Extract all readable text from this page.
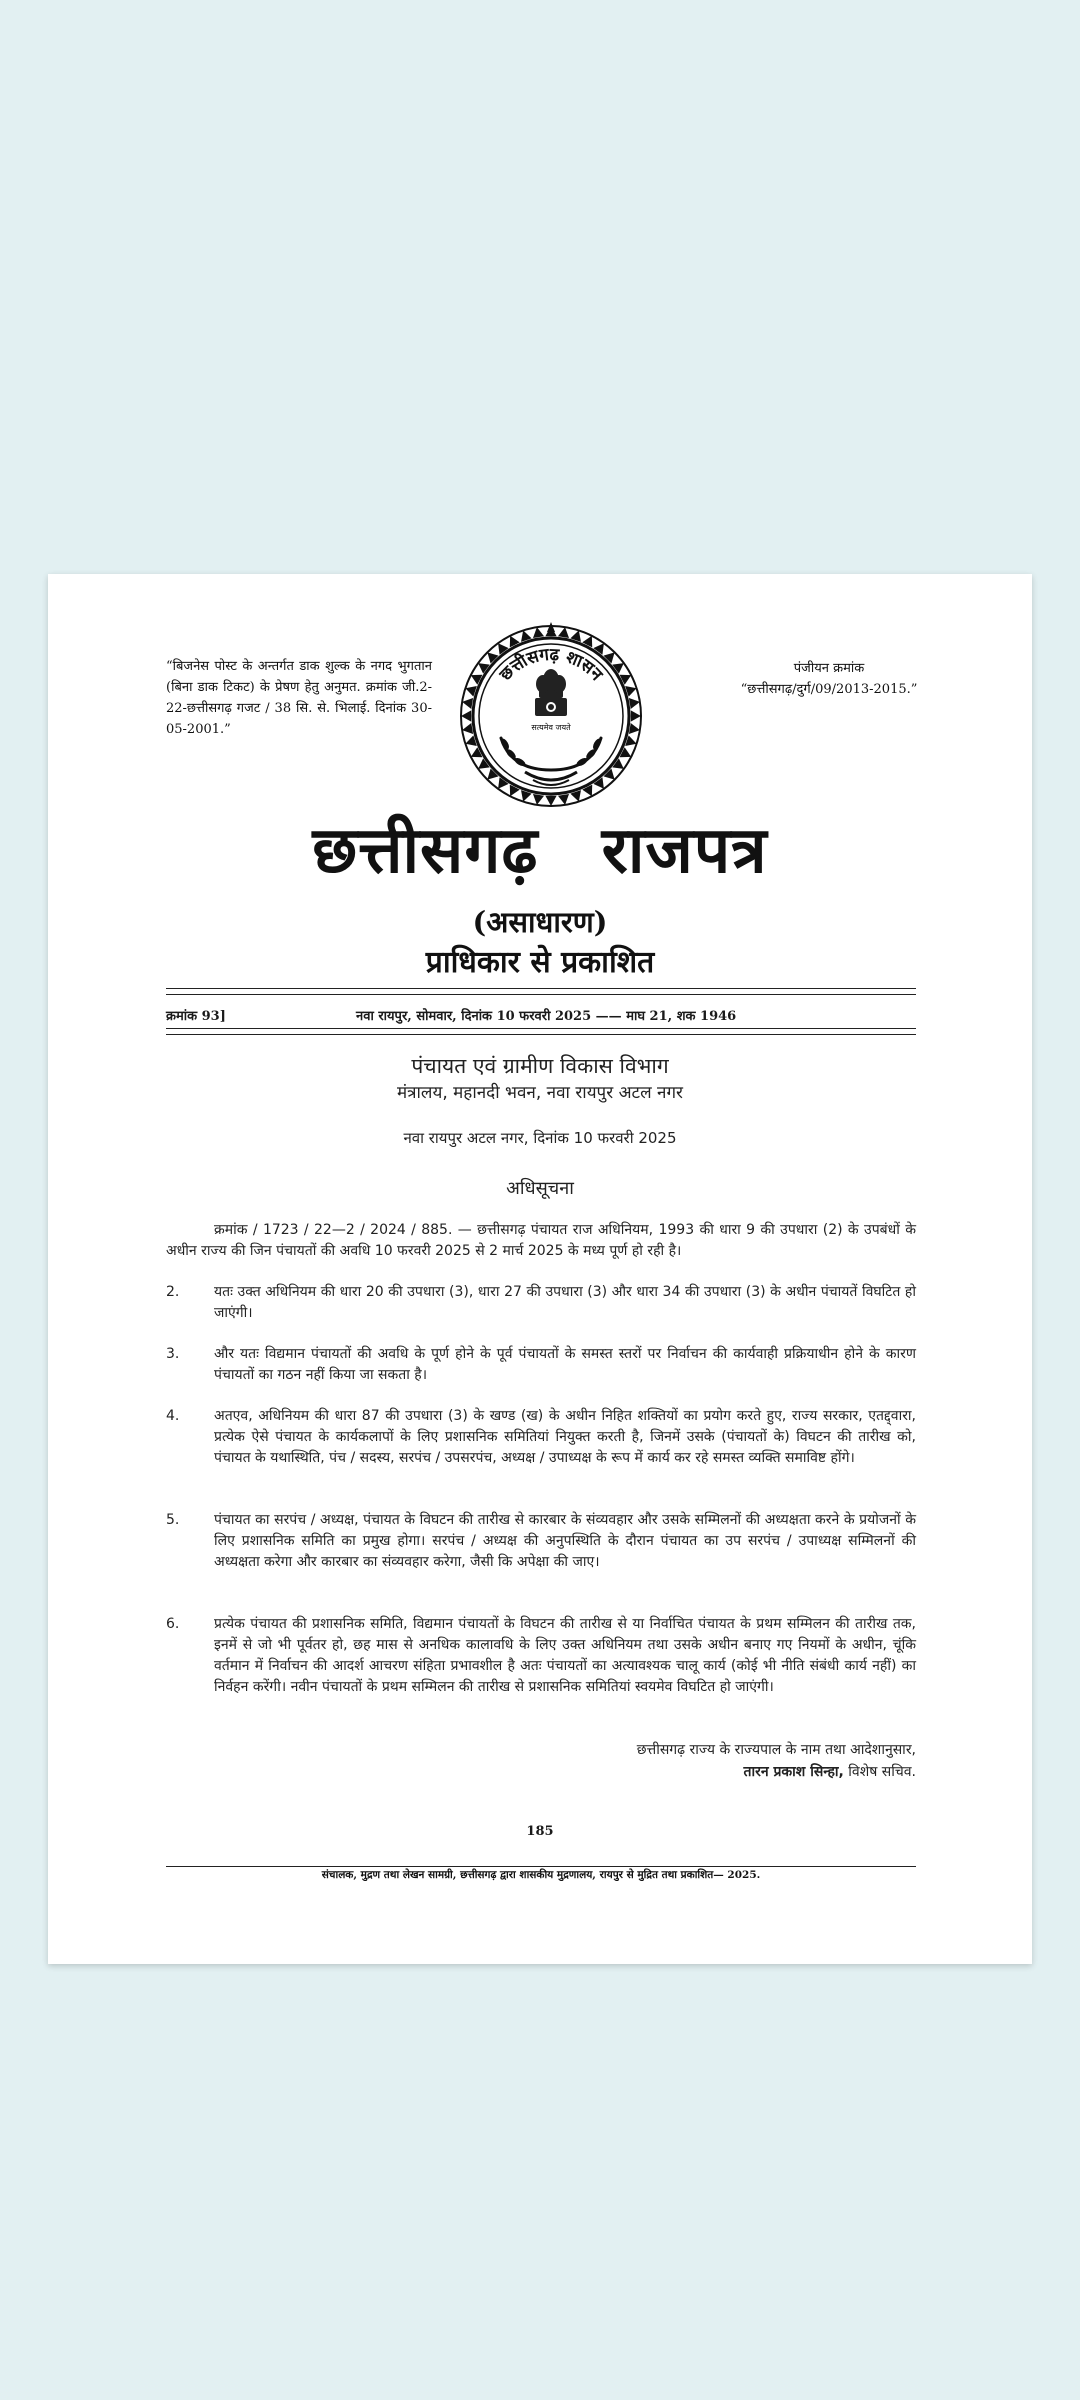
“बिजनेस पोस्ट के अन्तर्गत डाक शुल्क के नगद भुगतान (बिना डाक टिकट) के प्रेषण हेतु अनुमत. क्रमांक जी.2-22-छत्तीसगढ़ गजट / 38 सि. से. भिलाई. दिनांक 30-05-2001.”
छत्तीसगढ़ शासन
सत्यमेव जयते
पंजीयन क्रमांक
“छत्तीसगढ़/दुर्ग/09/2013-2015.”
छत्तीसगढ़ राजपत्र
(असाधारण)
प्राधिकार से प्रकाशित
क्रमांक 93]	नवा रायपुर, सोमवार, दिनांक 10 फरवरी 2025 —— माघ 21, शक 1946
पंचायत एवं ग्रामीण विकास विभाग
मंत्रालय, महानदी भवन, नवा रायपुर अटल नगर
नवा रायपुर अटल नगर, दिनांक 10 फरवरी 2025
अधिसूचना
क्रमांक / 1723 / 22—2 / 2024 / 885. — छत्तीसगढ़ पंचायत राज अधिनियम, 1993 की धारा 9 की उपधारा (2) के उपबंधों के अधीन राज्य की जिन पंचायतों की अवधि 10 फरवरी 2025 से 2 मार्च 2025 के मध्य पूर्ण हो रही है।
2.	यतः उक्त अधिनियम की धारा 20 की उपधारा (3), धारा 27 की उपधारा (3) और धारा 34 की उपधारा (3) के अधीन पंचायतें विघटित हो जाएंगी।
3.	और यतः विद्यमान पंचायतों की अवधि के पूर्ण होने के पूर्व पंचायतों के समस्त स्तरों पर निर्वाचन की कार्यवाही प्रक्रियाधीन होने के कारण पंचायतों का गठन नहीं किया जा सकता है।
4.	अतएव, अधिनियम की धारा 87 की उपधारा (3) के खण्ड (ख) के अधीन निहित शक्तियों का प्रयोग करते हुए, राज्य सरकार, एतद्द्वारा, प्रत्येक ऐसे पंचायत के कार्यकलापों के लिए प्रशासनिक समितियां नियुक्त करती है, जिनमें उसके (पंचायतों के) विघटन की तारीख को, पंचायत के यथास्थिति, पंच / सदस्य, सरपंच / उपसरपंच, अध्यक्ष / उपाध्यक्ष के रूप में कार्य कर रहे समस्त व्यक्ति समाविष्ट होंगे।
5.	पंचायत का सरपंच / अध्यक्ष, पंचायत के विघटन की तारीख से कारबार के संव्यवहार और उसके सम्मिलनों की अध्यक्षता करने के प्रयोजनों के लिए प्रशासनिक समिति का प्रमुख होगा। सरपंच / अध्यक्ष की अनुपस्थिति के दौरान पंचायत का उप सरपंच / उपाध्यक्ष सम्मिलनों की अध्यक्षता करेगा और कारबार का संव्यवहार करेगा, जैसी कि अपेक्षा की जाए।
6.	प्रत्येक पंचायत की प्रशासनिक समिति, विद्यमान पंचायतों के विघटन की तारीख से या निर्वाचित पंचायत के प्रथम सम्मिलन की तारीख तक, इनमें से जो भी पूर्वतर हो, छह मास से अनधिक कालावधि के लिए उक्त अधिनियम तथा उसके अधीन बनाए गए नियमों के अधीन, चूंकि वर्तमान में निर्वाचन की आदर्श आचरण संहिता प्रभावशील है अतः पंचायतों का अत्यावश्यक चालू कार्य (कोई भी नीति संबंधी कार्य नहीं) का निर्वहन करेंगी। नवीन पंचायतों के प्रथम सम्मिलन की तारीख से प्रशासनिक समितियां स्वयमेव विघटित हो जाएंगी।
छत्तीसगढ़ राज्य के राज्यपाल के नाम तथा आदेशानुसार,
तारन प्रकाश सिन्हा, विशेष सचिव.
185
संचालक, मुद्रण तथा लेखन सामग्री, छत्तीसगढ़ द्वारा शासकीय मुद्रणालय, रायपुर से मुद्रित तथा प्रकाशित— 2025.
